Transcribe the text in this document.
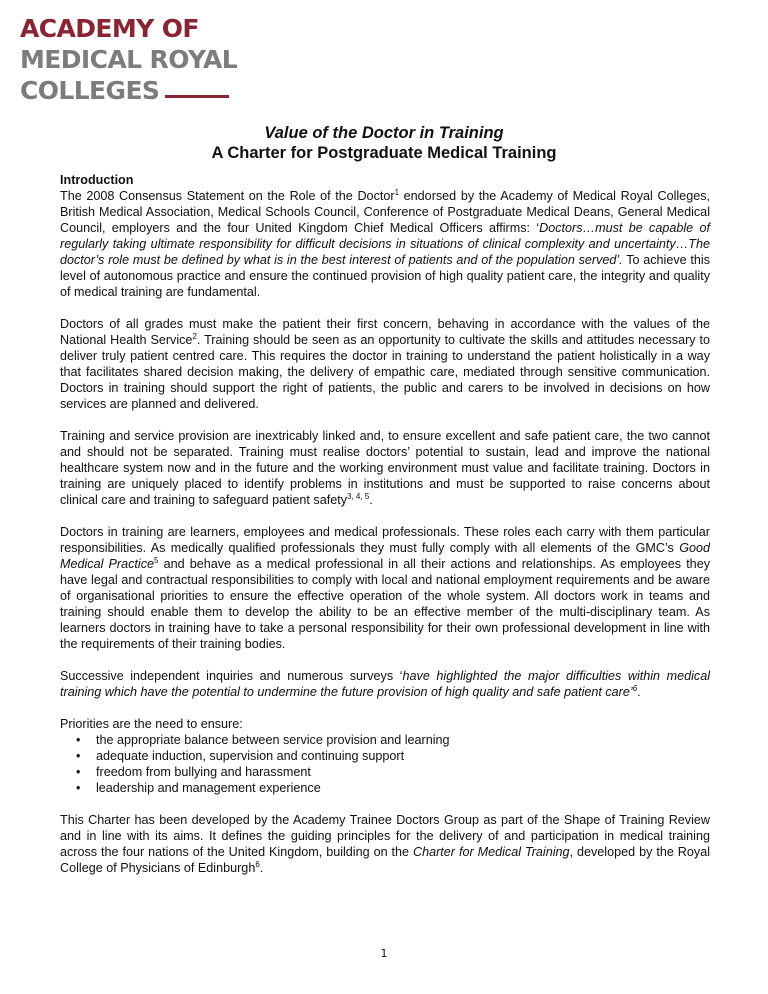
ACADEMY OF
MEDICAL ROYAL
COLLEGES
Value of the Doctor in Training
A Charter for Postgraduate Medical Training

Introduction

The 2008 Consensus Statement on the Role of the Doctor$^1$ endorsed by the Academy of Medical Royal Colleges, British Medical Association, Medical Schools Council, Conference of Postgraduate Medical Deans, General Medical Council, employers and the four United Kingdom Chief Medical Officers affirms: ‘Doctors…must be capable of regularly taking ultimate responsibility for difficult decisions in situations of clinical complexity and uncertainty…The doctor’s role must be defined by what is in the best interest of patients and of the population served’. To achieve this level of autonomous practice and ensure the continued provision of high quality patient care, the integrity and quality of medical training are fundamental.

Doctors of all grades must make the patient their first concern, behaving in accordance with the values of the National Health Service$^2$. Training should be seen as an opportunity to cultivate the skills and attitudes necessary to deliver truly patient centred care. This requires the doctor in training to understand the patient holistically in a way that facilitates shared decision making, the delivery of empathic care, mediated through sensitive communication. Doctors in training should support the right of patients, the public and carers to be involved in decisions on how services are planned and delivered.

Training and service provision are inextricably linked and, to ensure excellent and safe patient care, the two cannot and should not be separated. Training must realise doctors’ potential to sustain, lead and improve the national healthcare system now and in the future and the working environment must value and facilitate training. Doctors in training are uniquely placed to identify problems in institutions and must be supported to raise concerns about clinical care and training to safeguard patient safety$^{3, 4, 5}$.

Doctors in training are learners, employees and medical professionals. These roles each carry with them particular responsibilities. As medically qualified professionals they must fully comply with all elements of the GMC’s Good Medical Practice$^5$ and behave as a medical professional in all their actions and relationships. As employees they have legal and contractual responsibilities to comply with local and national employment requirements and be aware of organisational priorities to ensure the effective operation of the whole system. All doctors work in teams and training should enable them to develop the ability to be an effective member of the multi-disciplinary team. As learners doctors in training have to take a personal responsibility for their own professional development in line with the requirements of their training bodies.

Successive independent inquiries and numerous surveys ‘have highlighted the major difficulties within medical training which have the potential to undermine the future provision of high quality and safe patient care’$^6$.

Priorities are the need to ensure:

• the appropriate balance between service provision and learning
• adequate induction, supervision and continuing support
• freedom from bullying and harassment
• leadership and management experience

This Charter has been developed by the Academy Trainee Doctors Group as part of the Shape of Training Review and in line with its aims. It defines the guiding principles for the delivery of and participation in medical training across the four nations of the United Kingdom, building on the Charter for Medical Training, developed by the Royal College of Physicians of Edinburgh$^6$.

1
